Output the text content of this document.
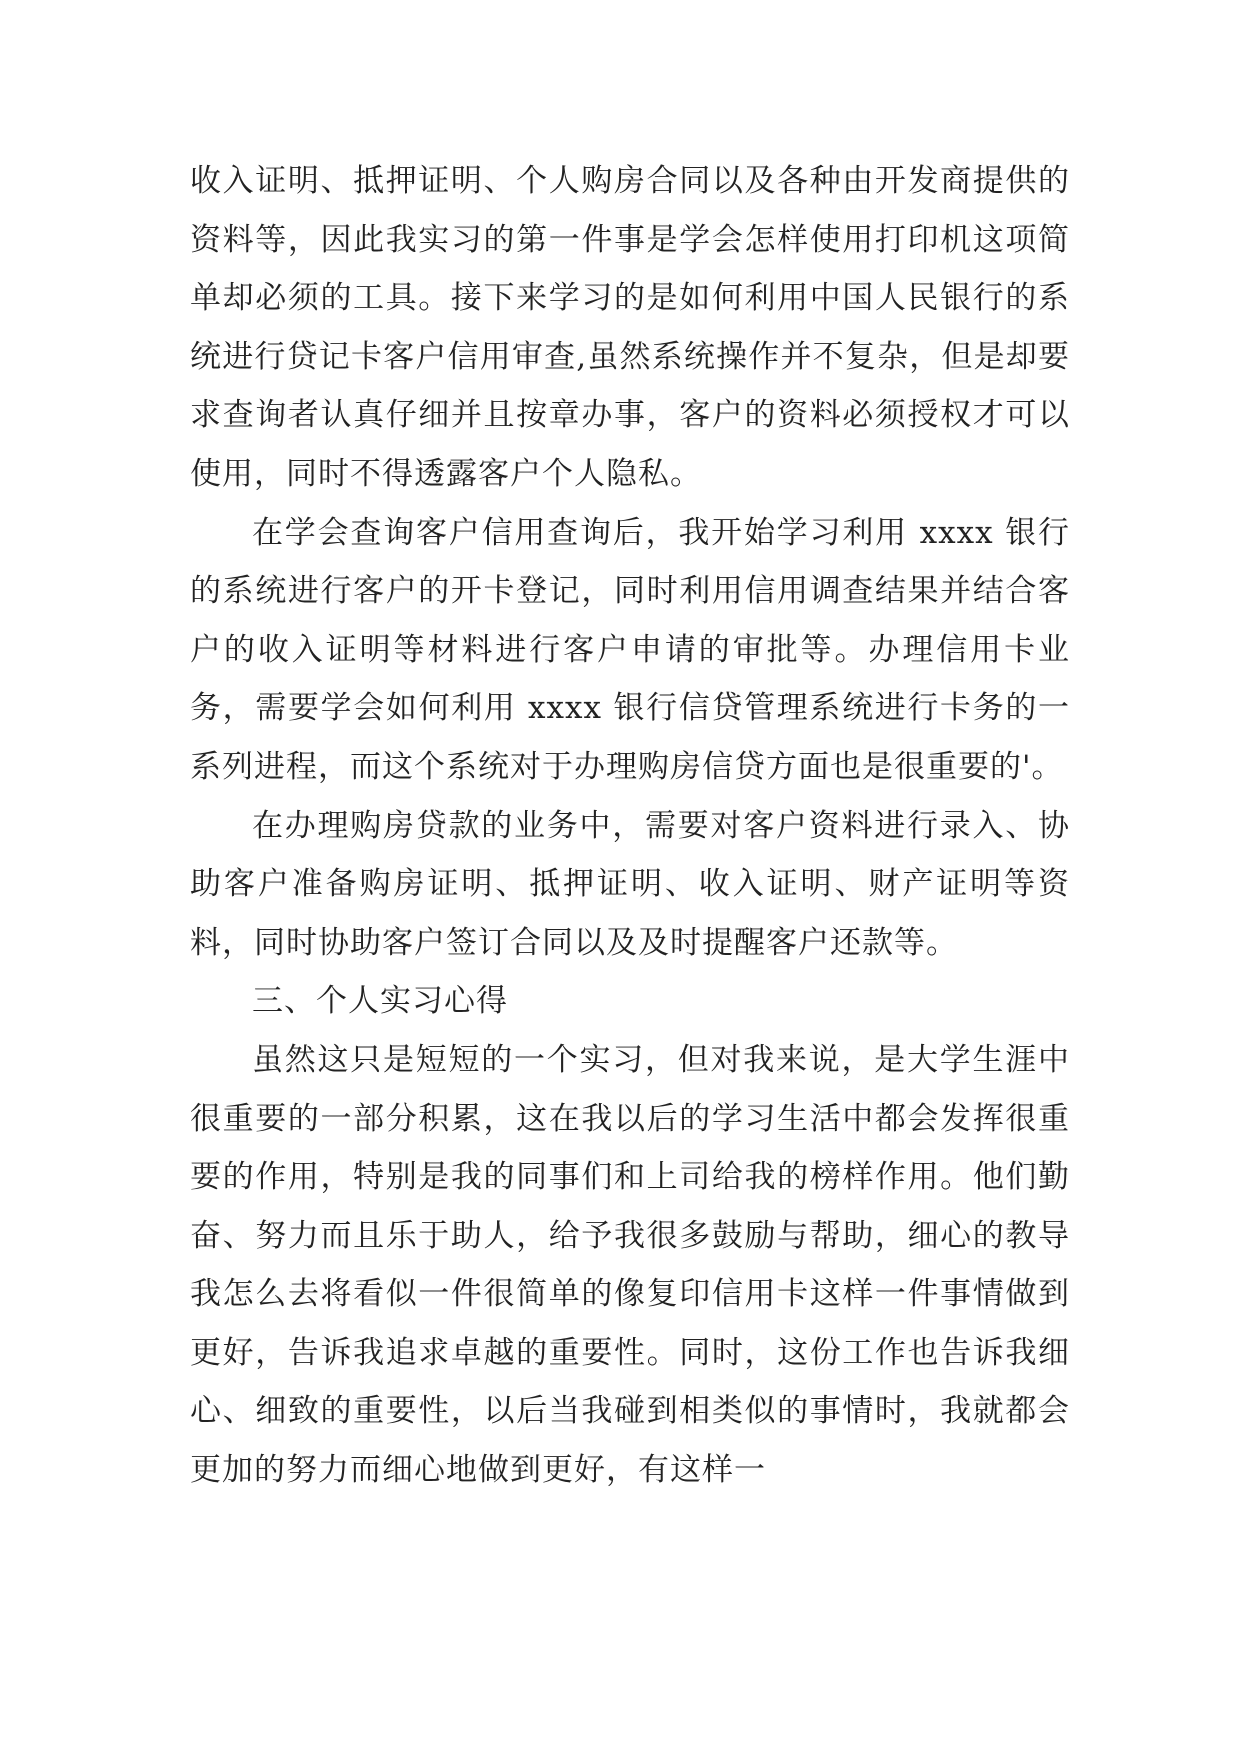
收入证明、抵押证明、个人购房合同以及各种由开发商提供的资料等，因此我实习的第一件事是学会怎样使用打印机这项简单却必须的工具。接下来学习的是如何利用中国人民银行的系统进行贷记卡客户信用审查,虽然系统操作并不复杂，但是却要求查询者认真仔细并且按章办事，客户的资料必须授权才可以使用，同时不得透露客户个人隐私。

在学会查询客户信用查询后，我开始学习利用 xxxx 银行的系统进行客户的开卡登记，同时利用信用调查结果并结合客户的收入证明等材料进行客户申请的审批等。办理信用卡业务，需要学会如何利用 xxxx 银行信贷管理系统进行卡务的一系列进程，而这个系统对于办理购房信贷方面也是很重要的'。

在办理购房贷款的业务中，需要对客户资料进行录入、协助客户准备购房证明、抵押证明、收入证明、财产证明等资料，同时协助客户签订合同以及及时提醒客户还款等。

三、个人实习心得

虽然这只是短短的一个实习，但对我来说，是大学生涯中很重要的一部分积累，这在我以后的学习生活中都会发挥很重要的作用，特别是我的同事们和上司给我的榜样作用。他们勤奋、努力而且乐于助人，给予我很多鼓励与帮助，细心的教导我怎么去将看似一件很简单的像复印信用卡这样一件事情做到更好，告诉我追求卓越的重要性。同时，这份工作也告诉我细心、细致的重要性，以后当我碰到相类似的事情时，我就都会更加的努力而细心地做到更好，有这样一
